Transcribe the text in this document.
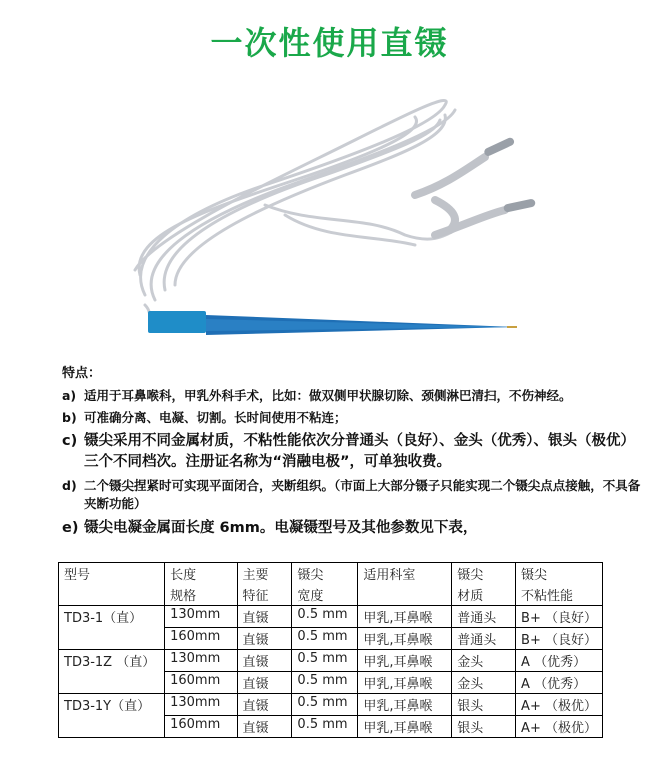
一次性使用直镊
特点：
a) 适用于耳鼻喉科，甲乳外科手术，比如：做双侧甲状腺切除、颈侧淋巴清扫，不伤神经。
b) 可准确分离、电凝、切割。长时间使用不粘连；
c) 镊尖采用不同金属材质，不粘性能依次分普通头（良好）、金头（优秀）、银头（极优）三个不同档次。注册证名称为“消融电极”，可单独收费。
d) 二个镊尖捏紧时可实现平面闭合，夹断组织。（市面上大部分镊子只能实现二个镊尖点点接触，不具备夹断功能）
e) 镊尖电凝金属面长度 6mm。电凝镊型号及其他参数见下表，
型号	长度	主要	镊尖	适用科室	镊尖	镊尖
	规格	特征	宽度		材质	不粘性能
TD3-1（直）	130mm	直镊	0.5 mm	甲乳,耳鼻喉	普通头	B+ （良好）
	160mm	直镊	0.5 mm	甲乳,耳鼻喉	普通头	B+ （良好）
TD3-1Z （直）	130mm	直镊	0.5 mm	甲乳,耳鼻喉	金头	A （优秀）
	160mm	直镊	0.5 mm	甲乳,耳鼻喉	金头	A （优秀）
TD3-1Y（直）	130mm	直镊	0.5 mm	甲乳,耳鼻喉	银头	A+ （极优）
	160mm	直镊	0.5 mm	甲乳,耳鼻喉	银头	A+ （极优）
